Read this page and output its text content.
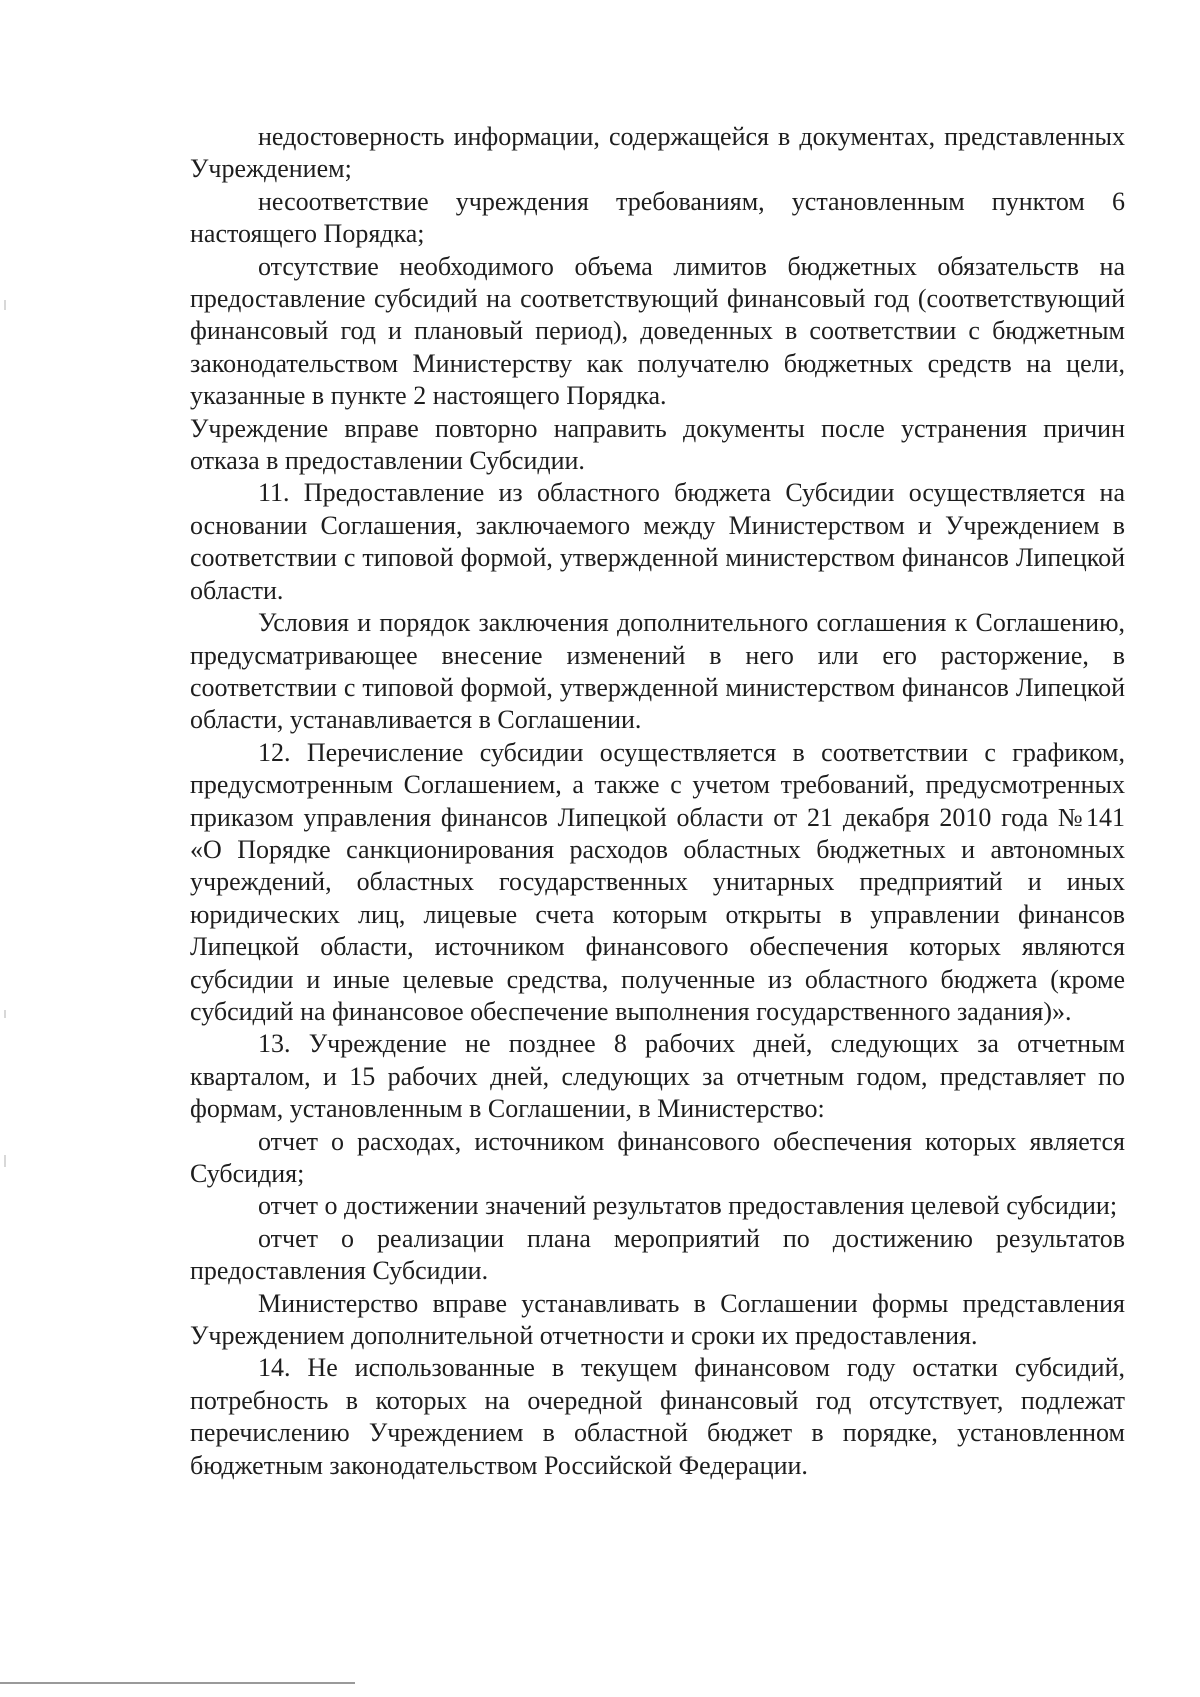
недостоверность информации, содержащейся в документах, представленных Учреждением;

несоответствие учреждения требованиям, установленным пунктом 6 настоящего Порядка;

отсутствие необходимого объема лимитов бюджетных обязательств на предоставление субсидий на соответствующий финансовый год (соответствующий финансовый год и плановый период), доведенных в соответствии с бюджетным законодательством Министерству как получателю бюджетных средств на цели, указанные в пункте 2 настоящего Порядка.

Учреждение вправе повторно направить документы после устранения причин отказа в предоставлении Субсидии.

11. Предоставление из областного бюджета Субсидии осуществляется на основании Соглашения, заключаемого между Министерством и Учреждением в соответствии с типовой формой, утвержденной министерством финансов Липецкой области.

Условия и порядок заключения дополнительного соглашения к Соглашению, предусматривающее внесение изменений в него или его расторжение, в соответствии с типовой формой, утвержденной министерством финансов Липецкой области, устанавливается в Соглашении.

12. Перечисление субсидии осуществляется в соответствии с графиком, предусмотренным Соглашением, а также с учетом требований, предусмотренных приказом управления финансов Липецкой области от 21 декабря 2010 года №141 «О Порядке санкционирования расходов областных бюджетных и автономных учреждений, областных государственных унитарных предприятий и иных юридических лиц, лицевые счета которым открыты в управлении финансов Липецкой области, источником финансового обеспечения которых являются субсидии и иные целевые средства, полученные из областного бюджета (кроме субсидий на финансовое обеспечение выполнения государственного задания)».

13. Учреждение не позднее 8 рабочих дней, следующих за отчетным кварталом, и 15 рабочих дней, следующих за отчетным годом, представляет по формам, установленным в Соглашении, в Министерство:

отчет о расходах, источником финансового обеспечения которых является Субсидия;

отчет о достижении значений результатов предоставления целевой субсидии;

отчет о реализации плана мероприятий по достижению результатов предоставления Субсидии.

Министерство вправе устанавливать в Соглашении формы представления Учреждением дополнительной отчетности и сроки их предоставления.

14. Не использованные в текущем финансовом году остатки субсидий, потребность в которых на очередной финансовый год отсутствует, подлежат перечислению Учреждением в областной бюджет в порядке, установленном бюджетным законодательством Российской Федерации.
